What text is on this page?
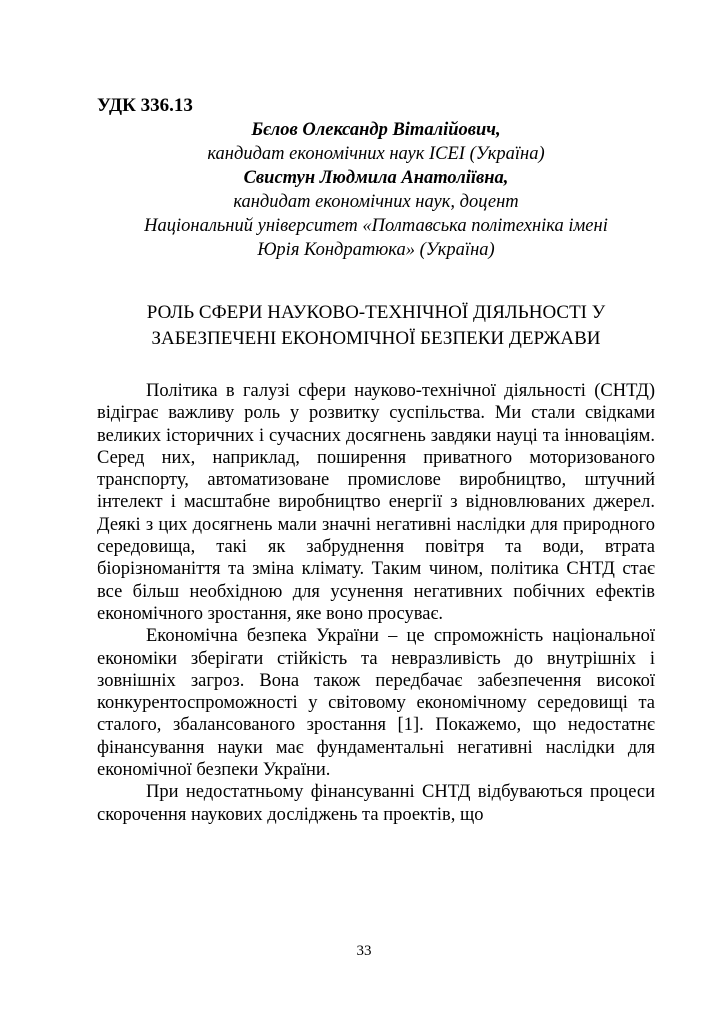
УДК 336.13

Бєлов Олександр Віталійович,
кандидат економічних наук ІСЕІ (Україна)
Свистун Людмила Анатоліївна,
кандидат економічних наук, доцент
Національний університет «Полтавська політехніка імені
Юрія Кондратюка» (Україна)
РОЛЬ СФЕРИ НАУКОВО-ТЕХНІЧНОЇ ДІЯЛЬНОСТІ У
ЗАБЕЗПЕЧЕНІ ЕКОНОМІЧНОЇ БЕЗПЕКИ ДЕРЖАВИ

Політика в галузі сфери науково-технічної діяльності (СНТД) відіграє важливу роль у розвитку суспільства. Ми стали свідками великих історичних і сучасних досягнень завдяки науці та інноваціям. Серед них, наприклад, поширення приватного моторизованого транспорту, автоматизоване промислове виробництво, штучний інтелект і масштабне виробництво енергії з відновлюваних джерел. Деякі з цих досягнень мали значні негативні наслідки для природного середовища, такі як забруднення повітря та води, втрата біорізноманіття та зміна клімату. Таким чином, політика СНТД стає все більш необхідною для усунення негативних побічних ефектів економічного зростання, яке воно просуває.

Економічна безпека України – це спроможність національної економіки зберігати стійкість та невразливість до внутрішніх і зовнішніх загроз. Вона також передбачає забезпечення високої конкурентоспроможності у світовому економічному середовищі та сталого, збалансованого зростання [1]. Покажемо, що недостатнє фінансування науки має фундаментальні негативні наслідки для економічної безпеки України.

При недостатньому фінансуванні СНТД відбуваються процеси скорочення наукових досліджень та проектів, що

33
